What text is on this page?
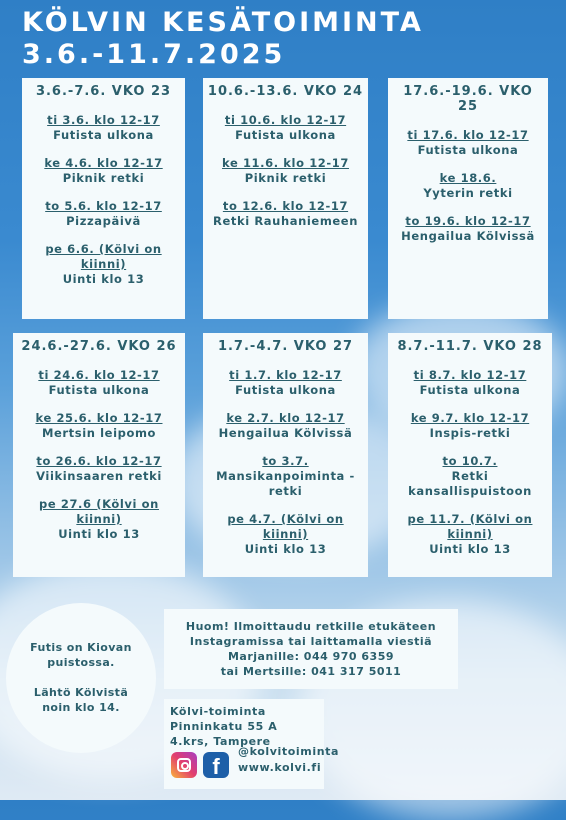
KÖLVIN KESÄTOIMINTA
3.6.-11.7.2025
3.6.-7.6. VKO 23
ti 3.6. klo 12-17
Futista ulkona
ke 4.6. klo 12-17
Piknik retki
to 5.6. klo 12-17
Pizzapäivä
pe 6.6. (Kölvi on kiinni)
Uinti klo 13
10.6.-13.6. VKO 24
ti 10.6. klo 12-17
Futista ulkona
ke 11.6. klo 12-17
Piknik retki
to 12.6. klo 12-17
Retki Rauhaniemeen
17.6.-19.6. VKO 25
ti 17.6. klo 12-17
Futista ulkona
ke 18.6.
Yyterin retki
to 19.6. klo 12-17
Hengailua Kölvissä
24.6.-27.6. VKO 26
ti 24.6. klo 12-17
Futista ulkona
ke 25.6. klo 12-17
Mertsin leipomo
to 26.6. klo 12-17
Viikinsaaren retki
pe 27.6 (Kölvi on kiinni)
Uinti klo 13
1.7.-4.7. VKO 27
ti 1.7. klo 12-17
Futista ulkona
ke 2.7. klo 12-17
Hengailua Kölvissä
to 3.7.
Mansikanpoiminta - retki
pe 4.7. (Kölvi on kiinni)
Uinti klo 13
8.7.-11.7. VKO 28
ti 8.7. klo 12-17
Futista ulkona
ke 9.7. klo 12-17
Inspis-retki
to 10.7.
Retki kansallispuistoon
pe 11.7. (Kölvi on kiinni)
Uinti klo 13
Futis on Kiovan puistossa.
Lähtö Kölvistä noin klo 14.
Huom! Ilmoittaudu retkille etukäteen
Instagramissa tai laittamalla viestiä
Marjanille: 044 970 6359
tai Mertsille: 041 317 5011
Kölvi-toiminta
Pinninkatu 55 A
4.krs, Tampere
f
@kolvitoiminta
www.kolvi.fi
